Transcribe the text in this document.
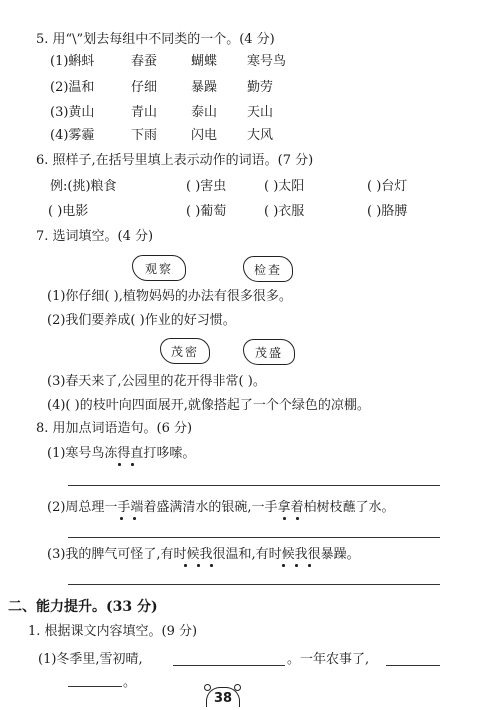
5. 用“\”划去每组中不同类的一个。(4 分)
(1)蝌蚪	春蚕	蝴蝶 寒号鸟
(2)温和	仔细	暴躁 勤劳
(3)黄山	青山	泰山 天山
(4)雾霾	下雨	闪电 大风
6. 照样子,在括号里填上表示动作的词语。(7 分)
例:(挑)粮食	( )害虫	( )太阳	( )台灯
( )电影	( )葡萄	( )衣服	( )胳膊
7. 选词填空。(4 分)
观察	检查
(1)你仔细( ),植物妈妈的办法有很多很多。
(2)我们要养成( )作业的好习惯。
茂密	茂盛
(3)春天来了,公园里的花开得非常( )。
(4)( )的枝叶向四面展开,就像搭起了一个个绿色的凉棚。
8. 用加点词语造句。(6 分)
(1)寒号鸟冻得直打哆嗦。
(2)周总理一手端着盛满清水的银碗,一手拿着柏树枝蘸了水。
(3)我的脾气可怪了,有时候我很温和,有时候我很暴躁。
二、能力提升。(33 分)
1. 根据课文内容填空。(9 分)
(1)冬季里,雪初晴,	。一年农事了,
。
38
